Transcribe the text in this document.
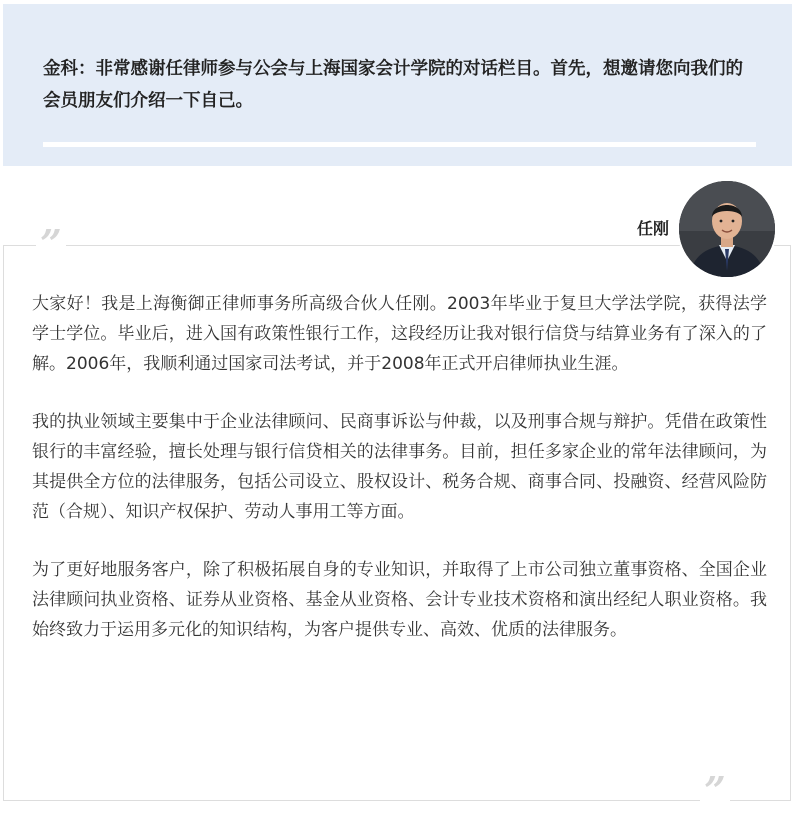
金科：非常感谢任律师参与公会与上海国家会计学院的对话栏目。首先，想邀请您向我们的会员朋友们介绍一下自己。

”	任刚

大家好！我是上海衡御正律师事务所高级合伙人任刚。2003年毕业于复旦大学法学院，获得法学学士学位。毕业后，进入国有政策性银行工作，这段经历让我对银行信贷与结算业务有了深入的了解。2006年，我顺利通过国家司法考试，并于2008年正式开启律师执业生涯。

我的执业领域主要集中于企业法律顾问、民商事诉讼与仲裁，以及刑事合规与辩护。凭借在政策性银行的丰富经验，擅长处理与银行信贷相关的法律事务。目前，担任多家企业的常年法律顾问，为其提供全方位的法律服务，包括公司设立、股权设计、税务合规、商事合同、投融资、经营风险防范（合规）、知识产权保护、劳动人事用工等方面。

为了更好地服务客户，除了积极拓展自身的专业知识，并取得了上市公司独立董事资格、全国企业法律顾问执业资格、证券从业资格、基金从业资格、会计专业技术资格和演出经纪人职业资格。我始终致力于运用多元化的知识结构，为客户提供专业、高效、优质的法律服务。

”
